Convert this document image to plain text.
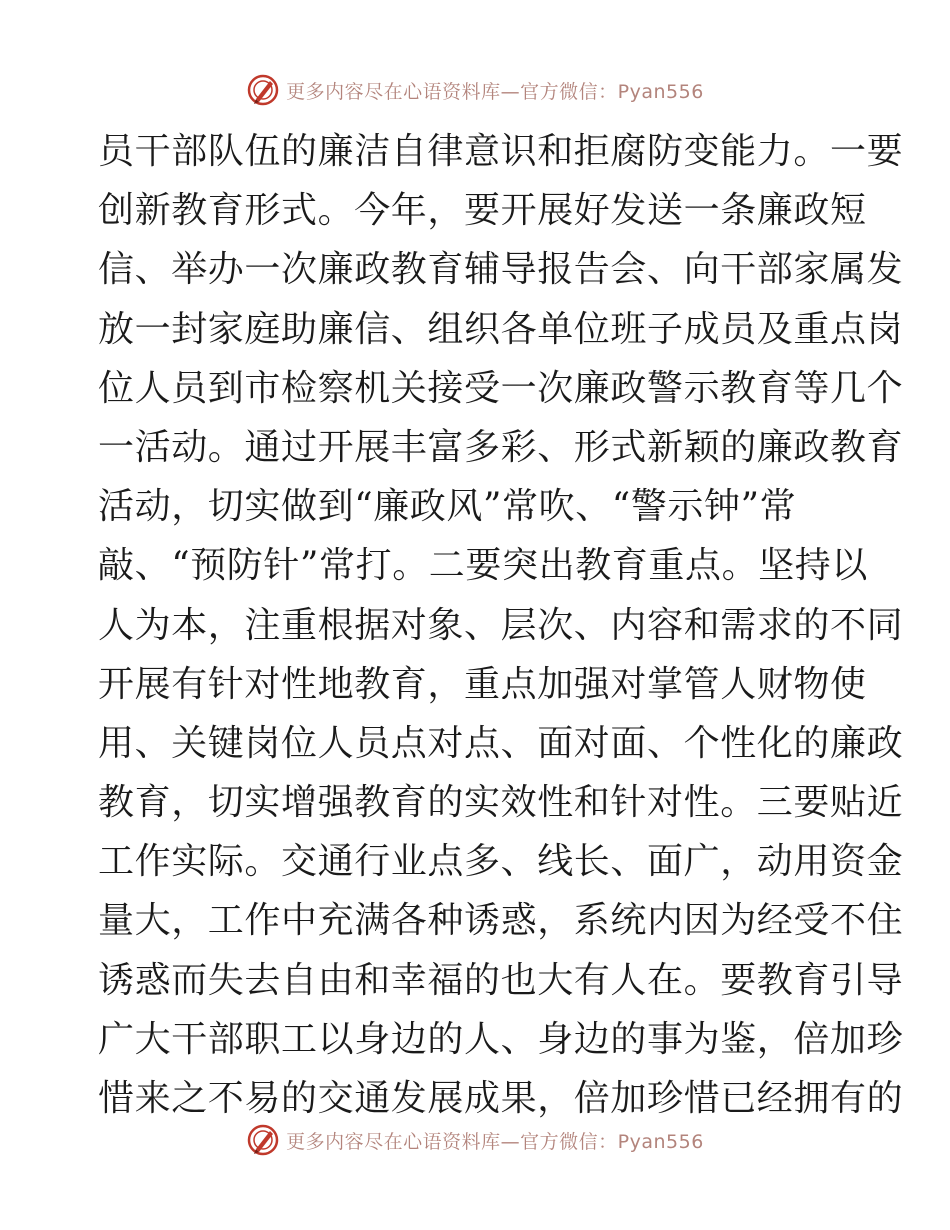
更多内容尽在心语资料库—官方微信：Pyan556
员干部队伍的廉洁自律意识和拒腐防变能力。一要
创新教育形式。今年，要开展好发送一条廉政短
信、举办一次廉政教育辅导报告会、向干部家属发
放一封家庭助廉信、组织各单位班子成员及重点岗
位人员到市检察机关接受一次廉政警示教育等几个
一活动。通过开展丰富多彩、形式新颖的廉政教育
活动，切实做到“廉政风”常吹、“警示钟”常
敲、“预防针”常打。二要突出教育重点。坚持以
人为本，注重根据对象、层次、内容和需求的不同
开展有针对性地教育，重点加强对掌管人财物使
用、关键岗位人员点对点、面对面、个性化的廉政
教育，切实增强教育的实效性和针对性。三要贴近
工作实际。交通行业点多、线长、面广，动用资金
量大，工作中充满各种诱惑，系统内因为经受不住
诱惑而失去自由和幸福的也大有人在。要教育引导
广大干部职工以身边的人、身边的事为鉴，倍加珍
惜来之不易的交通发展成果，倍加珍惜已经拥有的
更多内容尽在心语资料库—官方微信：Pyan556
